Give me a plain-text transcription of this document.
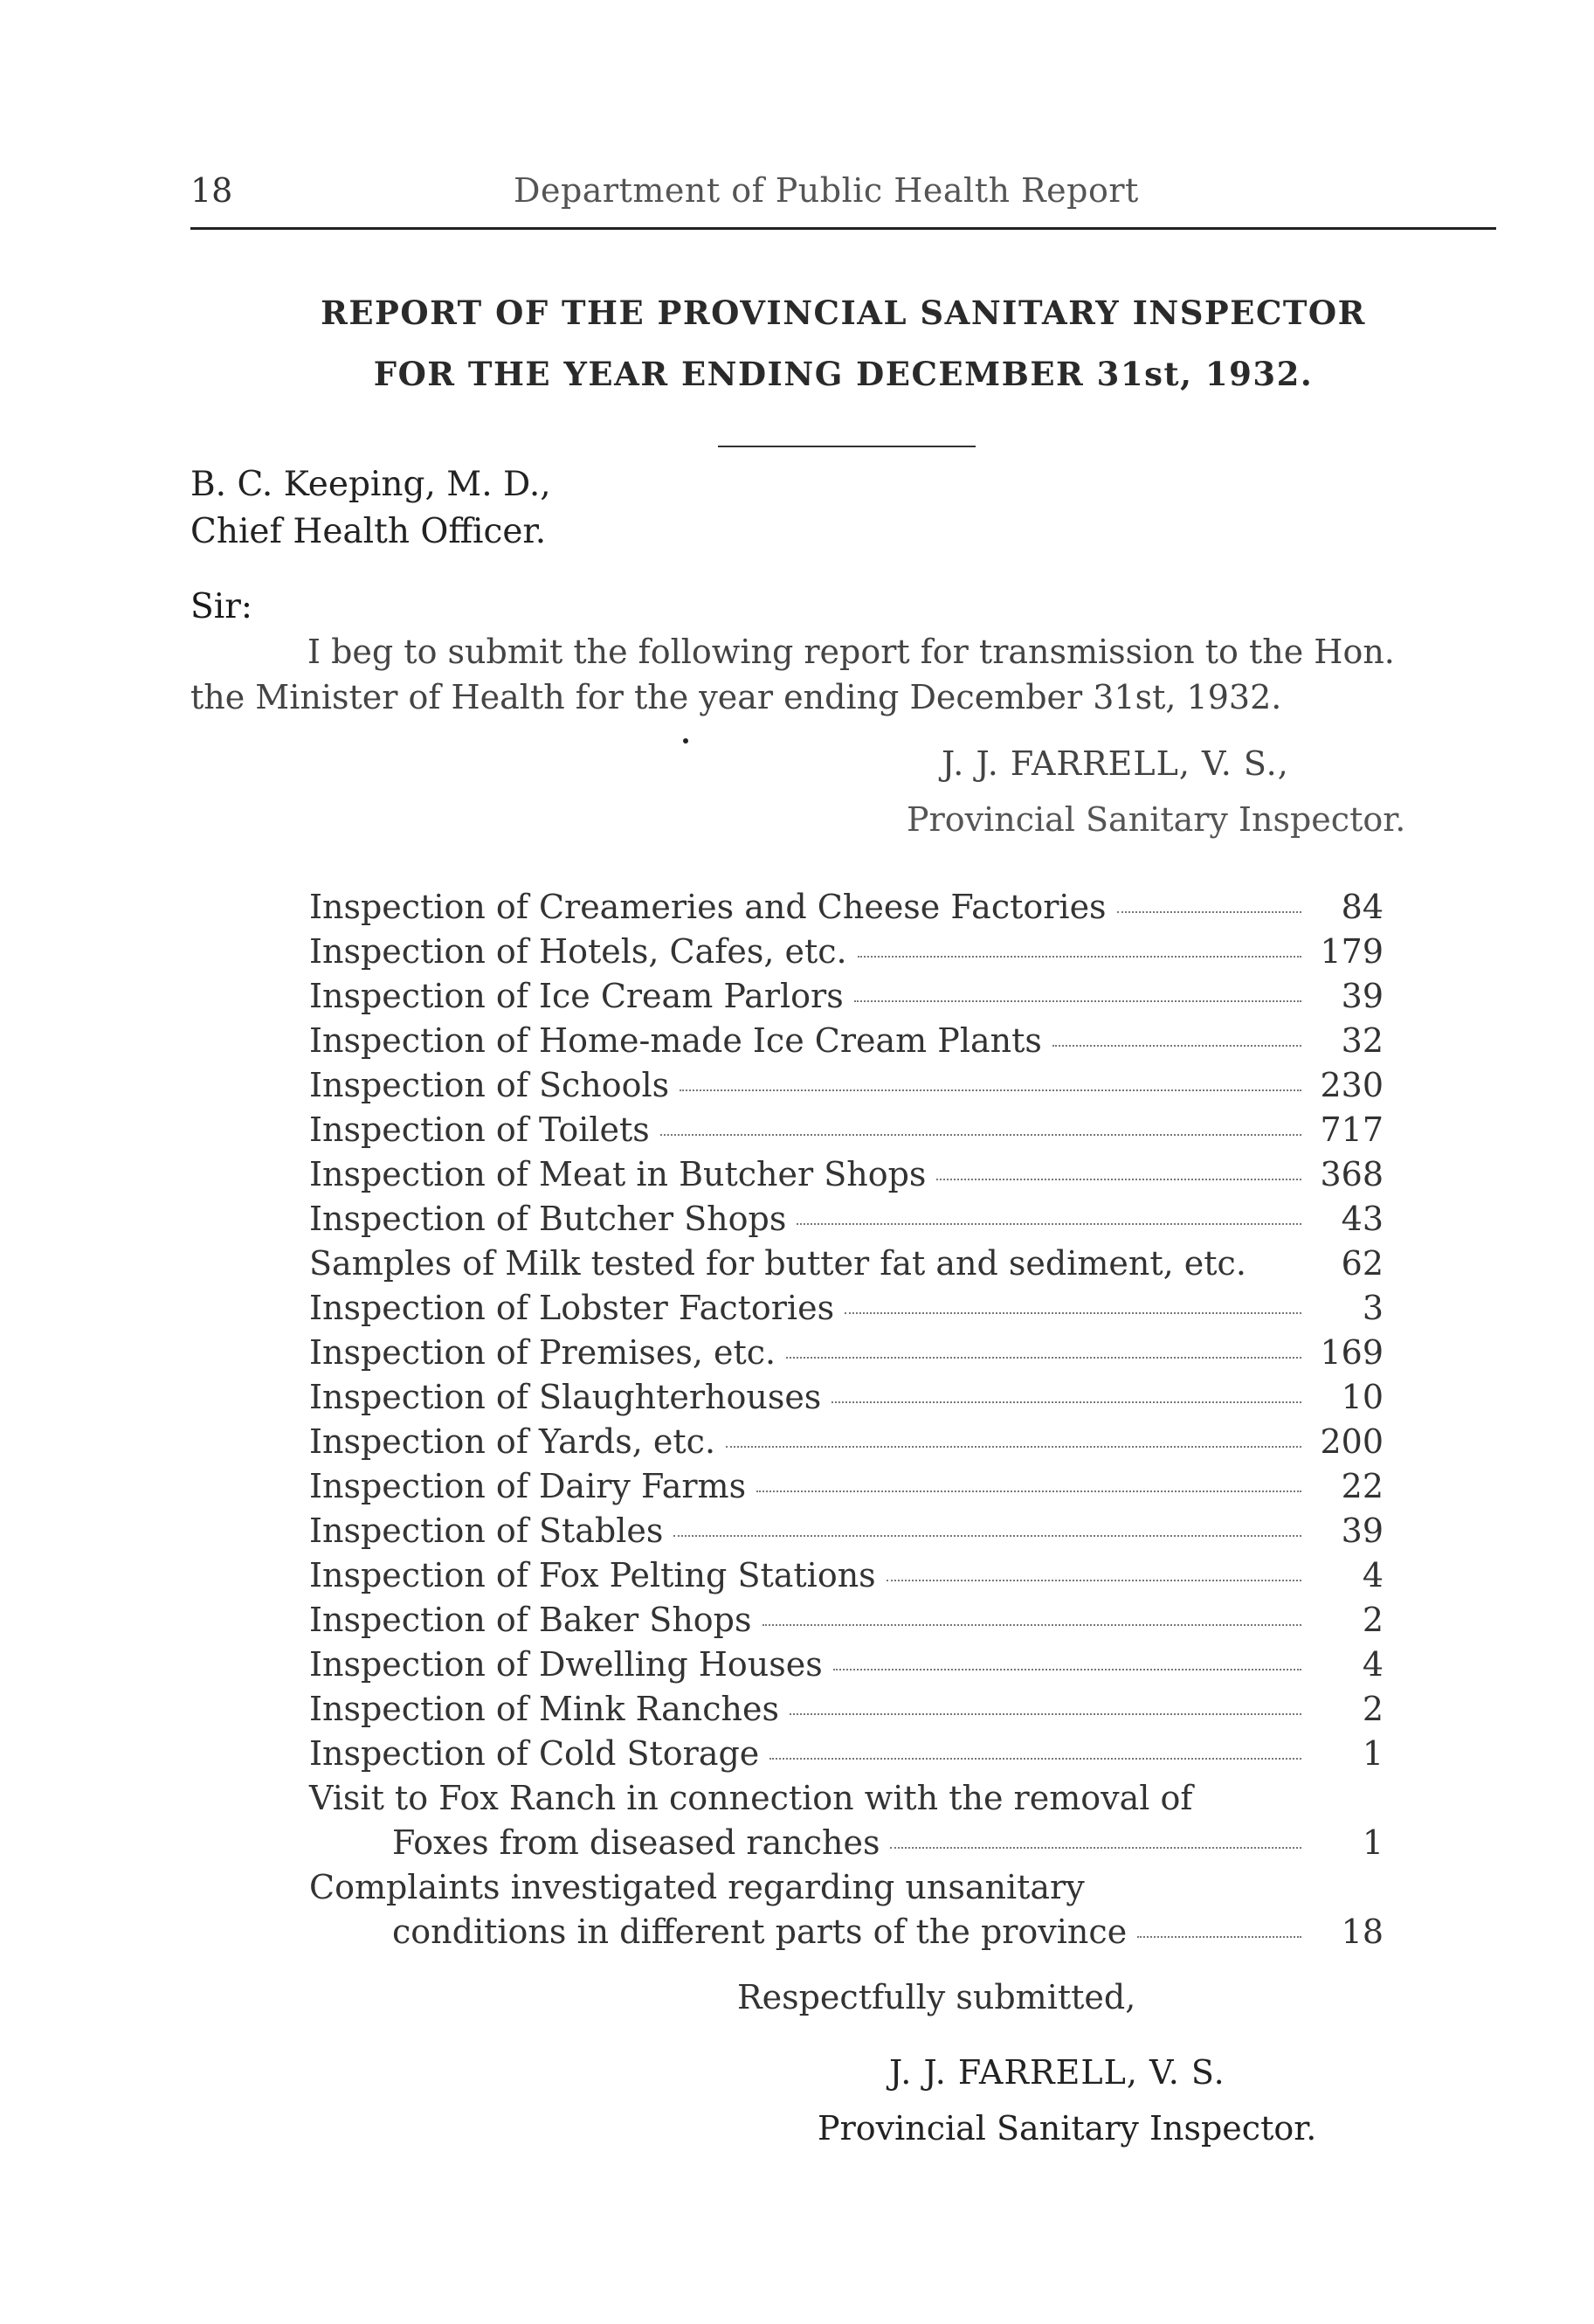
18	Department of Public Health Report
REPORT OF THE PROVINCIAL SANITARY INSPECTOR
FOR THE YEAR ENDING DECEMBER 31st, 1932.
B. C. Keeping, M. D.,
Chief Health Officer.
Sir:
I beg to submit the following report for transmission to the Hon.
the Minister of Health for the year ending December 31st, 1932.
J. J. FARRELL, V. S.,
Provincial Sanitary Inspector.
Inspection of Creameries and Cheese Factories	84
Inspection of Hotels, Cafes, etc.	179
Inspection of Ice Cream Parlors	39
Inspection of Home-made Ice Cream Plants	32
Inspection of Schools	230
Inspection of Toilets	717
Inspection of Meat in Butcher Shops	368
Inspection of Butcher Shops	43
Samples of Milk tested for butter fat and sediment, etc.	62
Inspection of Lobster Factories	3
Inspection of Premises, etc.	169
Inspection of Slaughterhouses	10
Inspection of Yards, etc.	200
Inspection of Dairy Farms	22
Inspection of Stables	39
Inspection of Fox Pelting Stations	4
Inspection of Baker Shops	2
Inspection of Dwelling Houses	4
Inspection of Mink Ranches	2
Inspection of Cold Storage	1
Visit to Fox Ranch in connection with the removal of
Foxes from diseased ranches	1
Complaints investigated regarding unsanitary
conditions in different parts of the province	18
Respectfully submitted,
J. J. FARRELL, V. S.
Provincial Sanitary Inspector.
